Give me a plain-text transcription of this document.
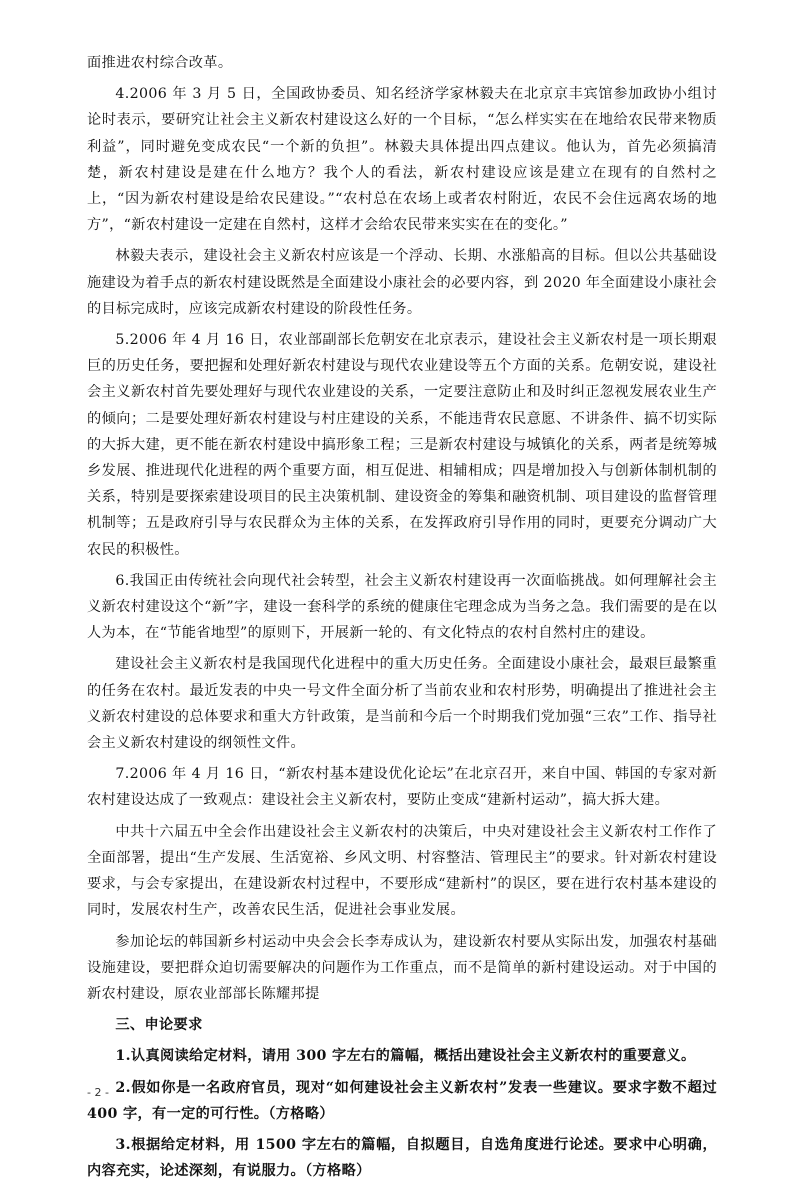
面推进农村综合改革。

4.2006 年 3 月 5 日，全国政协委员、知名经济学家林毅夫在北京京丰宾馆参加政协小组讨论时表示，要研究让社会主义新农村建设这么好的一个目标，“怎么样实实在在地给农民带来物质利益”，同时避免变成农民“一个新的负担”。林毅夫具体提出四点建议。他认为，首先必须搞清楚，新农村建设是建在什么地方？我个人的看法，新农村建设应该是建立在现有的自然村之上，“因为新农村建设是给农民建设。”“农村总在农场上或者农村附近，农民不会住远离农场的地方”，“新农村建设一定建在自然村，这样才会给农民带来实实在在的变化。”

林毅夫表示，建设社会主义新农村应该是一个浮动、长期、水涨船高的目标。但以公共基础设施建设为着手点的新农村建设既然是全面建设小康社会的必要内容，到 2020 年全面建设小康社会的目标完成时，应该完成新农村建设的阶段性任务。

5.2006 年 4 月 16 日，农业部副部长危朝安在北京表示，建设社会主义新农村是一项长期艰巨的历史任务，要把握和处理好新农村建设与现代农业建设等五个方面的关系。危朝安说，建设社会主义新农村首先要处理好与现代农业建设的关系，一定要注意防止和及时纠正忽视发展农业生产的倾向；二是要处理好新农村建设与村庄建设的关系，不能违背农民意愿、不讲条件、搞不切实际的大拆大建，更不能在新农村建设中搞形象工程；三是新农村建设与城镇化的关系，两者是统筹城乡发展、推进现代化进程的两个重要方面，相互促进、相辅相成；四是增加投入与创新体制机制的关系，特别是要探索建设项目的民主决策机制、建设资金的筹集和融资机制、项目建设的监督管理机制等；五是政府引导与农民群众为主体的关系，在发挥政府引导作用的同时，更要充分调动广大农民的积极性。

6.我国正由传统社会向现代社会转型，社会主义新农村建设再一次面临挑战。如何理解社会主义新农村建设这个“新”字，建设一套科学的系统的健康住宅理念成为当务之急。我们需要的是在以人为本，在“节能省地型”的原则下，开展新一轮的、有文化特点的农村自然村庄的建设。

建设社会主义新农村是我国现代化进程中的重大历史任务。全面建设小康社会，最艰巨最繁重的任务在农村。最近发表的中央一号文件全面分析了当前农业和农村形势，明确提出了推进社会主义新农村建设的总体要求和重大方针政策，是当前和今后一个时期我们党加强“三农”工作、指导社会主义新农村建设的纲领性文件。

7.2006 年 4 月 16 日，“新农村基本建设优化论坛”在北京召开，来自中国、韩国的专家对新农村建设达成了一致观点：建设社会主义新农村，要防止变成“建新村运动”，搞大拆大建。

中共十六届五中全会作出建设社会主义新农村的决策后，中央对建设社会主义新农村工作作了全面部署，提出“生产发展、生活宽裕、乡风文明、村容整洁、管理民主”的要求。针对新农村建设要求，与会专家提出，在建设新农村过程中，不要形成“建新村”的误区，要在进行农村基本建设的同时，发展农村生产，改善农民生活，促进社会事业发展。

参加论坛的韩国新乡村运动中央会会长李寿成认为，建设新农村要从实际出发，加强农村基础设施建设，要把群众迫切需要解决的问题作为工作重点，而不是简单的新村建设运动。对于中国的新农村建设，原农业部部长陈耀邦提

三、申论要求

1.认真阅读给定材料，请用 300 字左右的篇幅，概括出建设社会主义新农村的重要意义。

2.假如你是一名政府官员，现对“如何建设社会主义新农村”发表一些建议。要求字数不超过 400 字，有一定的可行性。（方格略）

3.根据给定材料，用 1500 字左右的篇幅，自拟题目，自选角度进行论述。要求中心明确，内容充实，论述深刻，有说服力。（方格略）

- 2 -
